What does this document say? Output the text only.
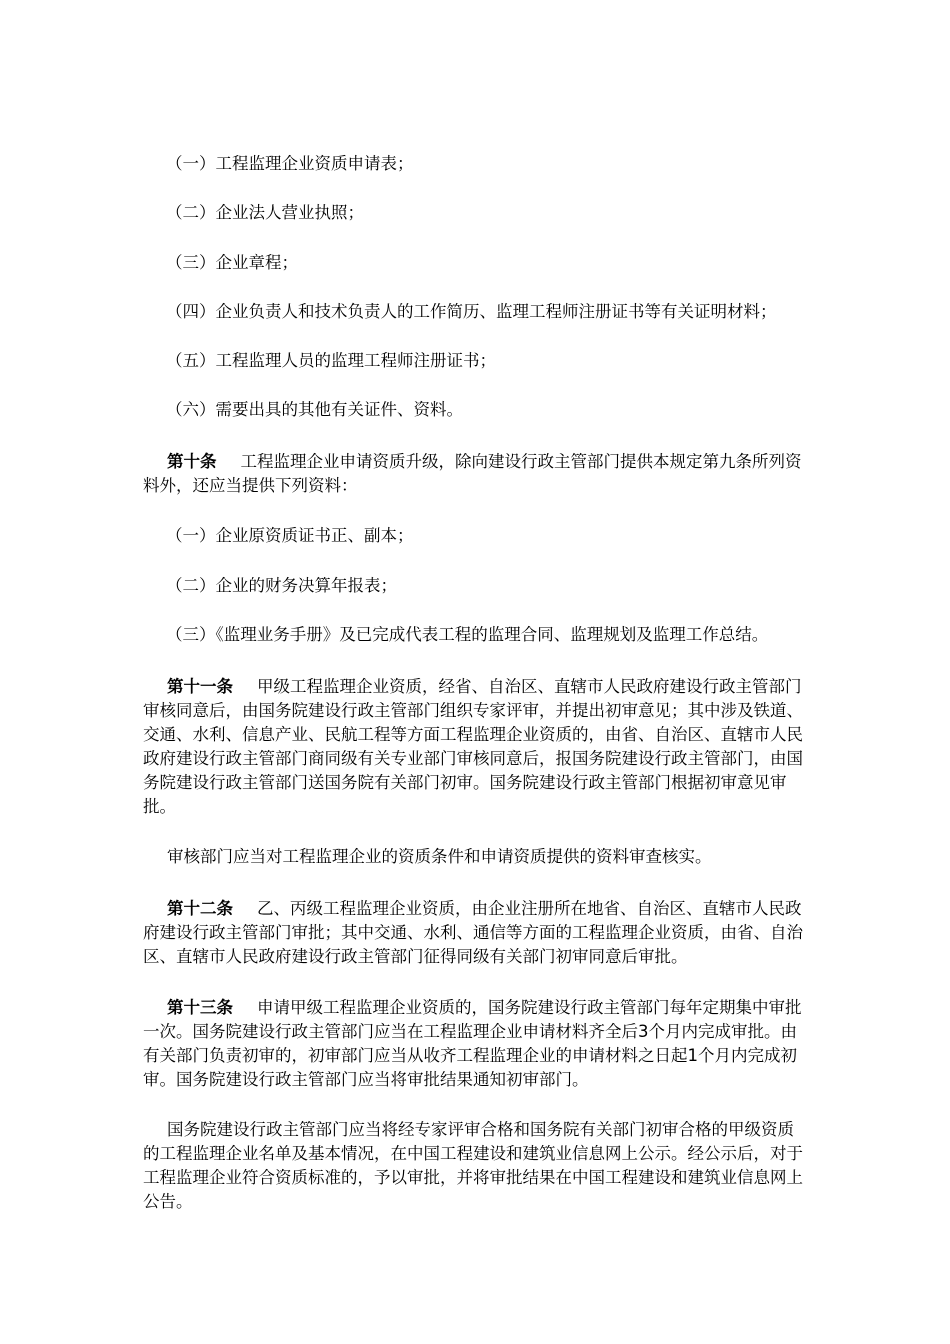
（一）工程监理企业资质申请表；
（二）企业法人营业执照；
（三）企业章程；
（四）企业负责人和技术负责人的工作简历、监理工程师注册证书等有关证明材料；
（五）工程监理人员的监理工程师注册证书；
（六）需要出具的其他有关证件、资料。
第十条 工程监理企业申请资质升级，除向建设行政主管部门提供本规定第九条所列资料外，还应当提供下列资料：
（一）企业原资质证书正、副本；
（二）企业的财务决算年报表；
（三）《监理业务手册》及已完成代表工程的监理合同、监理规划及监理工作总结。
第十一条 甲级工程监理企业资质，经省、自治区、直辖市人民政府建设行政主管部门审核同意后，由国务院建设行政主管部门组织专家评审，并提出初审意见；其中涉及铁道、交通、水利、信息产业、民航工程等方面工程监理企业资质的，由省、自治区、直辖市人民政府建设行政主管部门商同级有关专业部门审核同意后，报国务院建设行政主管部门，由国务院建设行政主管部门送国务院有关部门初审。国务院建设行政主管部门根据初审意见审批。
审核部门应当对工程监理企业的资质条件和申请资质提供的资料审查核实。
第十二条 乙、丙级工程监理企业资质，由企业注册所在地省、自治区、直辖市人民政府建设行政主管部门审批；其中交通、水利、通信等方面的工程监理企业资质，由省、自治区、直辖市人民政府建设行政主管部门征得同级有关部门初审同意后审批。
第十三条 申请甲级工程监理企业资质的，国务院建设行政主管部门每年定期集中审批一次。国务院建设行政主管部门应当在工程监理企业申请材料齐全后3个月内完成审批。由有关部门负责初审的，初审部门应当从收齐工程监理企业的申请材料之日起1个月内完成初审。国务院建设行政主管部门应当将审批结果通知初审部门。
国务院建设行政主管部门应当将经专家评审合格和国务院有关部门初审合格的甲级资质的工程监理企业名单及基本情况，在中国工程建设和建筑业信息网上公示。经公示后，对于工程监理企业符合资质标准的，予以审批，并将审批结果在中国工程建设和建筑业信息网上公告。
